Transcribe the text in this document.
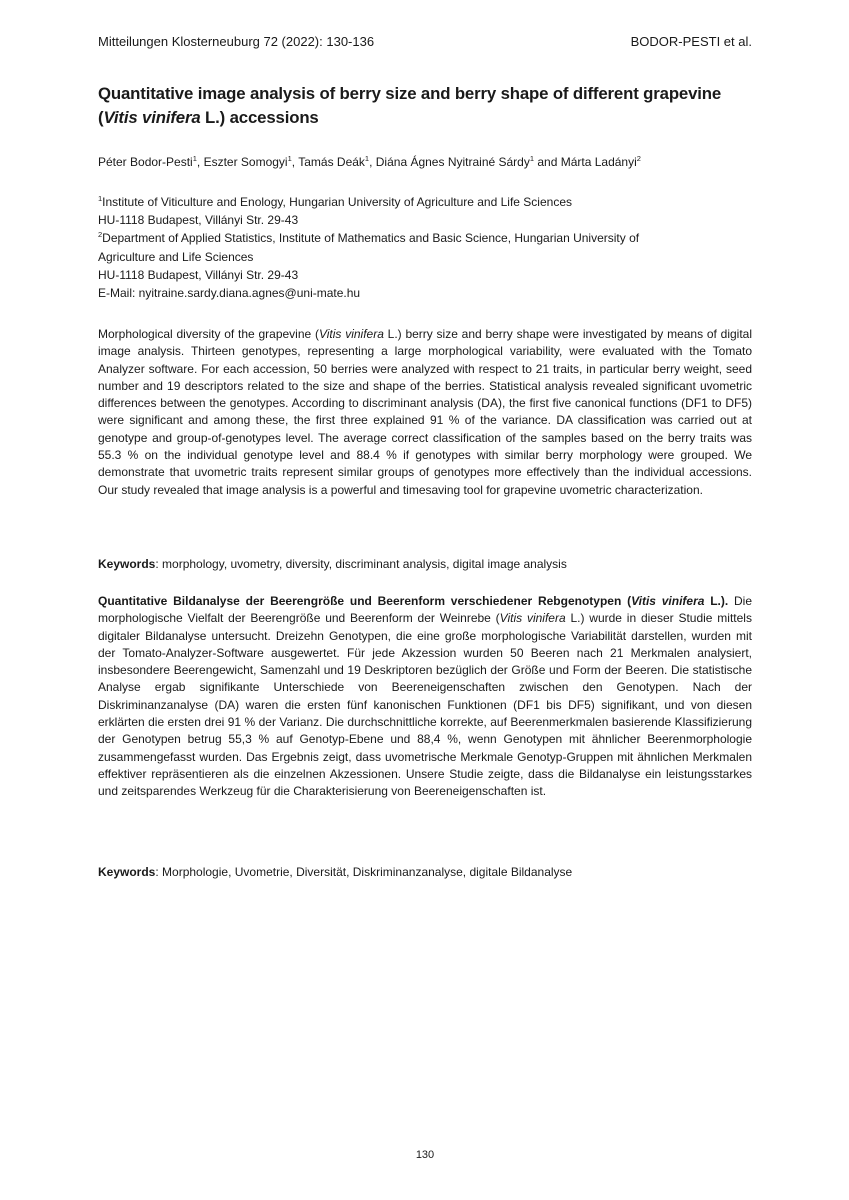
Mitteilungen Klosterneuburg 72 (2022): 130-136	BODOR-PESTI et al.
Quantitative image analysis of berry size and berry shape of different grapevine (Vitis vinifera L.) accessions
Péter Bodor-Pesti$^1$, Eszter Somogyi$^1$, Tamás Deák$^1$, Diána Ágnes Nyitrainé Sárdy$^1$ and Márta Ladányi$^2$
$^1$Institute of Viticulture and Enology, Hungarian University of Agriculture and Life Sciences
HU-1118 Budapest, Villányi Str. 29-43
$^2$Department of Applied Statistics, Institute of Mathematics and Basic Science, Hungarian University of
Agriculture and Life Sciences
HU-1118 Budapest, Villányi Str. 29-43
E-Mail: nyitraine.sardy.diana.agnes@uni-mate.hu
Morphological diversity of the grapevine (Vitis vinifera L.) berry size and berry shape were investigated by means of digital image analysis. Thirteen genotypes, representing a large morphological variability, were evaluated with the Tomato Analyzer software. For each accession, 50 berries were analyzed with respect to 21 traits, in particular berry weight, seed number and 19 descriptors related to the size and shape of the berries. Statistical analysis revealed significant uvometric differences between the genotypes. According to discriminant analysis (DA), the first five canonical functions (DF1 to DF5) were significant and among these, the first three explained 91 % of the variance. DA classification was carried out at genotype and group-of-genotypes level. The average correct classification of the samples based on the berry traits was 55.3 % on the individual genotype level and 88.4 % if genotypes with similar berry morphology were grouped. We demonstrate that uvometric traits represent similar groups of genotypes more effectively than the individual accessions. Our study revealed that image analysis is a powerful and timesaving tool for grapevine uvometric characterization.
Keywords: morphology, uvometry, diversity, discriminant analysis, digital image analysis
Quantitative Bildanalyse der Beerengröße und Beerenform verschiedener Rebgenotypen (Vitis vinifera L.). Die morphologische Vielfalt der Beerengröße und Beerenform der Weinrebe (Vitis vinifera L.) wurde in dieser Studie mittels digitaler Bildanalyse untersucht. Dreizehn Genotypen, die eine große morphologische Variabilität darstellen, wurden mit der Tomato-Analyzer-Software ausgewertet. Für jede Akzession wurden 50 Beeren nach 21 Merkmalen analysiert, insbesondere Beerengewicht, Samenzahl und 19 Deskriptoren bezüglich der Größe und Form der Beeren. Die statistische Analyse ergab signifikante Unterschiede von Beereneigenschaften zwischen den Genotypen. Nach der Diskriminanzanalyse (DA) waren die ersten fünf kanonischen Funktionen (DF1 bis DF5) signifikant, und von diesen erklärten die ersten drei 91 % der Varianz. Die durchschnittliche korrekte, auf Beerenmerkmalen basierende Klassifizierung der Genotypen betrug 55,3 % auf Genotyp-Ebene und 88,4 %, wenn Genotypen mit ähnlicher Beerenmorphologie zusammengefasst wurden. Das Ergebnis zeigt, dass uvometrische Merkmale Genotyp-Gruppen mit ähnlichen Merkmalen effektiver repräsentieren als die einzelnen Akzessionen. Unsere Studie zeigte, dass die Bildanalyse ein leistungsstarkes und zeitsparendes Werkzeug für die Charakterisierung von Beereneigenschaften ist.
Keywords: Morphologie, Uvometrie, Diversität, Diskriminanzanalyse, digitale Bildanalyse
130
